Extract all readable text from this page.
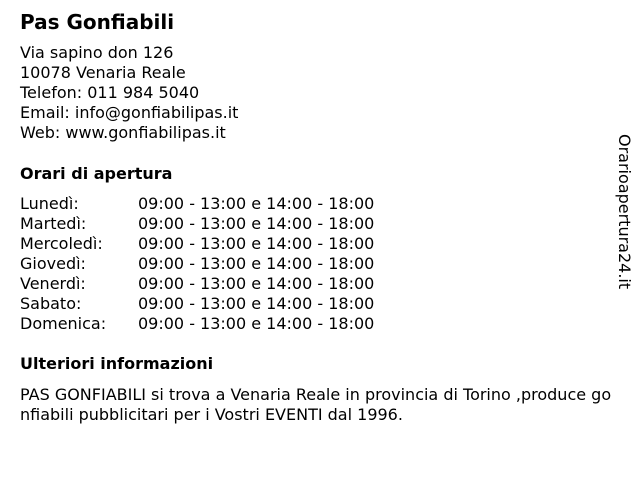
Pas Gonfiabili
Via sapino don 126
10078 Venaria Reale
Telefon: 011 984 5040
Email: info@gonfiabilipas.it
Web: www.gonfiabilipas.it
Orari di apertura
Lunedì:	09:00 - 13:00 e 14:00 - 18:00
Martedì:	09:00 - 13:00 e 14:00 - 18:00
Mercoledì: 09:00 - 13:00 e 14:00 - 18:00
Giovedì:	09:00 - 13:00 e 14:00 - 18:00
Venerdì:	09:00 - 13:00 e 14:00 - 18:00
Sabato:	09:00 - 13:00 e 14:00 - 18:00
Domenica: 09:00 - 13:00 e 14:00 - 18:00
Ulteriori informazioni
PAS GONFIABILI si trova a Venaria Reale in provincia di Torino ,produce gonfiabili pubblicitari per i Vostri EVENTI dal 1996.
Orarioapertura24.it
